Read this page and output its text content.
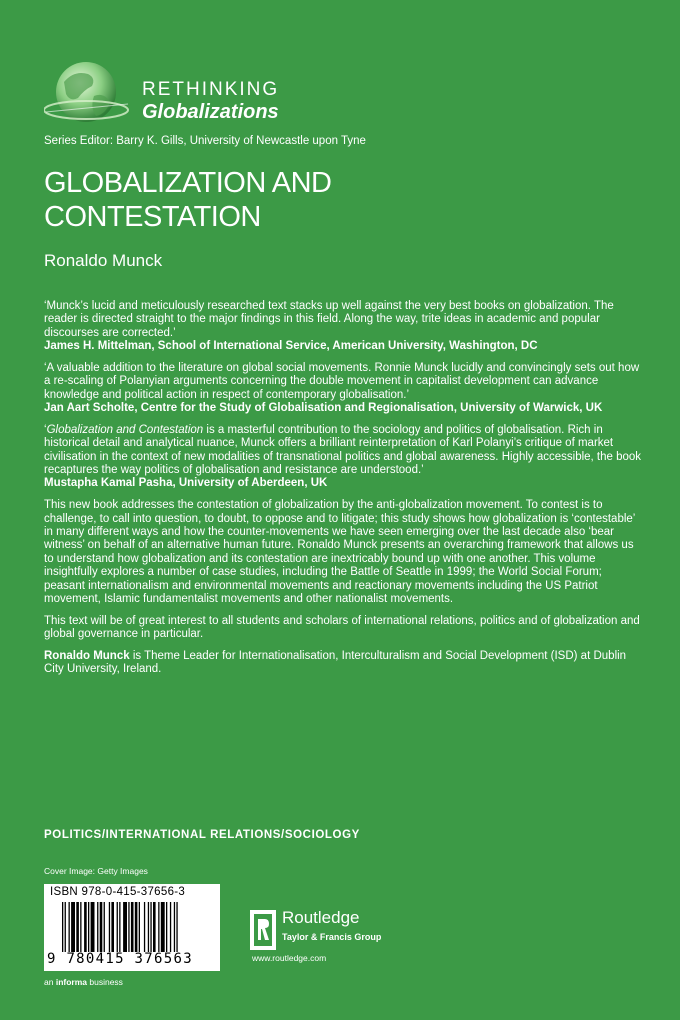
RETHINKING
Globalizations
Series Editor: Barry K. Gills, University of Newcastle upon Tyne
GLOBALIZATION AND
CONTESTATION
Ronaldo Munck

‘Munck’s lucid and meticulously researched text stacks up well against the very best books on globalization. The reader is directed straight to the major findings in this field. Along the way, trite ideas in academic and popular discourses are corrected.’
James H. Mittelman, School of International Service, American University, Washington, DC

‘A valuable addition to the literature on global social movements. Ronnie Munck lucidly and convincingly sets out how a re-scaling of Polanyian arguments concerning the double movement in capitalist development can advance knowledge and political action in respect of contemporary globalisation.’
Jan Aart Scholte, Centre for the Study of Globalisation and Regionalisation, University of Warwick, UK

‘Globalization and Contestation is a masterful contribution to the sociology and politics of globalisation. Rich in historical detail and analytical nuance, Munck offers a brilliant reinterpretation of Karl Polanyi’s critique of market civilisation in the context of new modalities of transnational politics and global awareness. Highly accessible, the book recaptures the way politics of globalisation and resistance are understood.’
Mustapha Kamal Pasha, University of Aberdeen, UK

This new book addresses the contestation of globalization by the anti-globalization movement. To contest is to challenge, to call into question, to doubt, to oppose and to litigate; this study shows how globalization is ‘contestable’ in many different ways and how the counter-movements we have seen emerging over the last decade also ‘bear witness’ on behalf of an alternative human future. Ronaldo Munck presents an overarching framework that allows us to understand how globalization and its contestation are inextricably bound up with one another. This volume insightfully explores a number of case studies, including the Battle of Seattle in 1999; the World Social Forum; peasant internationalism and environmental movements and reactionary movements including the US Patriot movement, Islamic fundamentalist movements and other nationalist movements.

This text will be of great interest to all students and scholars of international relations, politics and of globalization and global governance in particular.

Ronaldo Munck is Theme Leader for Internationalisation, Interculturalism and Social Development (ISD) at Dublin City University, Ireland.

POLITICS/INTERNATIONAL RELATIONS/SOCIOLOGY
Cover Image: Getty Images
ISBN 978-0-415-37656-3
9 780415 376563
an informa business
Routledge
Taylor & Francis Group
www.routledge.com
